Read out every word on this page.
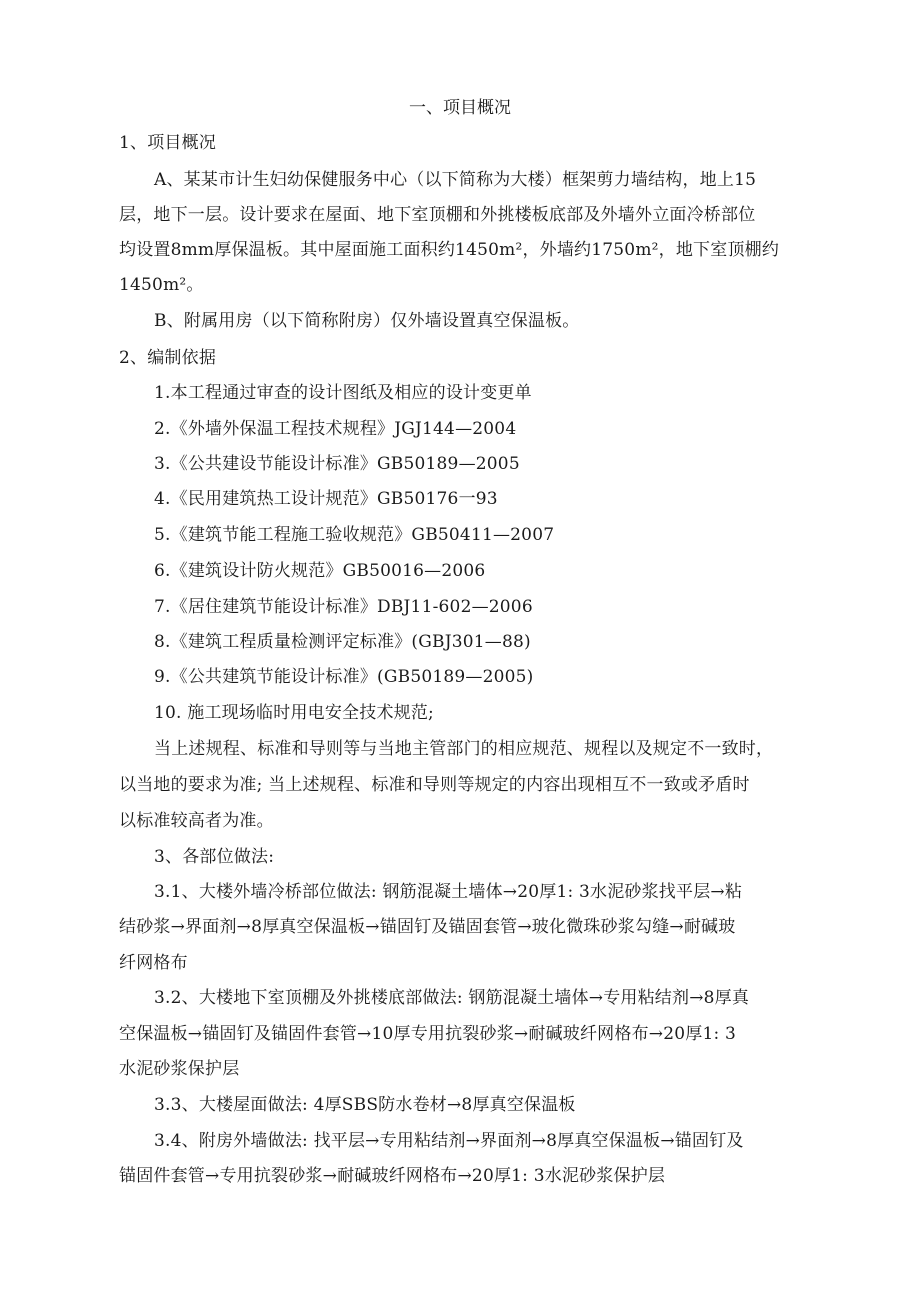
一、项目概况
1、项目概况
A、某某市计生妇幼保健服务中心（以下简称为大楼）框架剪力墙结构，地上15
层，地下一层。设计要求在屋面、地下室顶棚和外挑楼板底部及外墙外立面冷桥部位
均设置8mm厚保温板。其中屋面施工面积约1450m²，外墙约1750m²，地下室顶棚约
1450m²。
B、附属用房（以下简称附房）仅外墙设置真空保温板。
2、编制依据
1.本工程通过审查的设计图纸及相应的设计变更单
2.《外墙外保温工程技术规程》JGJ144—2004
3.《公共建设节能设计标准》GB50189—2005
4.《民用建筑热工设计规范》GB50176一93
5.《建筑节能工程施工验收规范》GB50411—2007
6.《建筑设计防火规范》GB50016—2006
7.《居住建筑节能设计标准》DBJ11-602—2006
8.《建筑工程质量检测评定标准》(GBJ301—88)
9.《公共建筑节能设计标准》(GB50189—2005)
10. 施工现场临时用电安全技术规范;
当上述规程、标准和导则等与当地主管部门的相应规范、规程以及规定不一致时，
以当地的要求为准; 当上述规程、标准和导则等规定的内容出现相互不一致或矛盾时
以标准较高者为准。
3、各部位做法:
3.1、大楼外墙冷桥部位做法: 钢筋混凝土墙体→20厚1: 3水泥砂浆找平层→粘
结砂浆→界面剂→8厚真空保温板→锚固钉及锚固套管→玻化微珠砂浆勾缝→耐碱玻
纤网格布
3.2、大楼地下室顶棚及外挑楼底部做法: 钢筋混凝土墙体→专用粘结剂→8厚真
空保温板→锚固钉及锚固件套管→10厚专用抗裂砂浆→耐碱玻纤网格布→20厚1: 3
水泥砂浆保护层
3.3、大楼屋面做法: 4厚SBS防水卷材→8厚真空保温板
3.4、附房外墙做法: 找平层→专用粘结剂→界面剂→8厚真空保温板→锚固钉及
锚固件套管→专用抗裂砂浆→耐碱玻纤网格布→20厚1: 3水泥砂浆保护层
